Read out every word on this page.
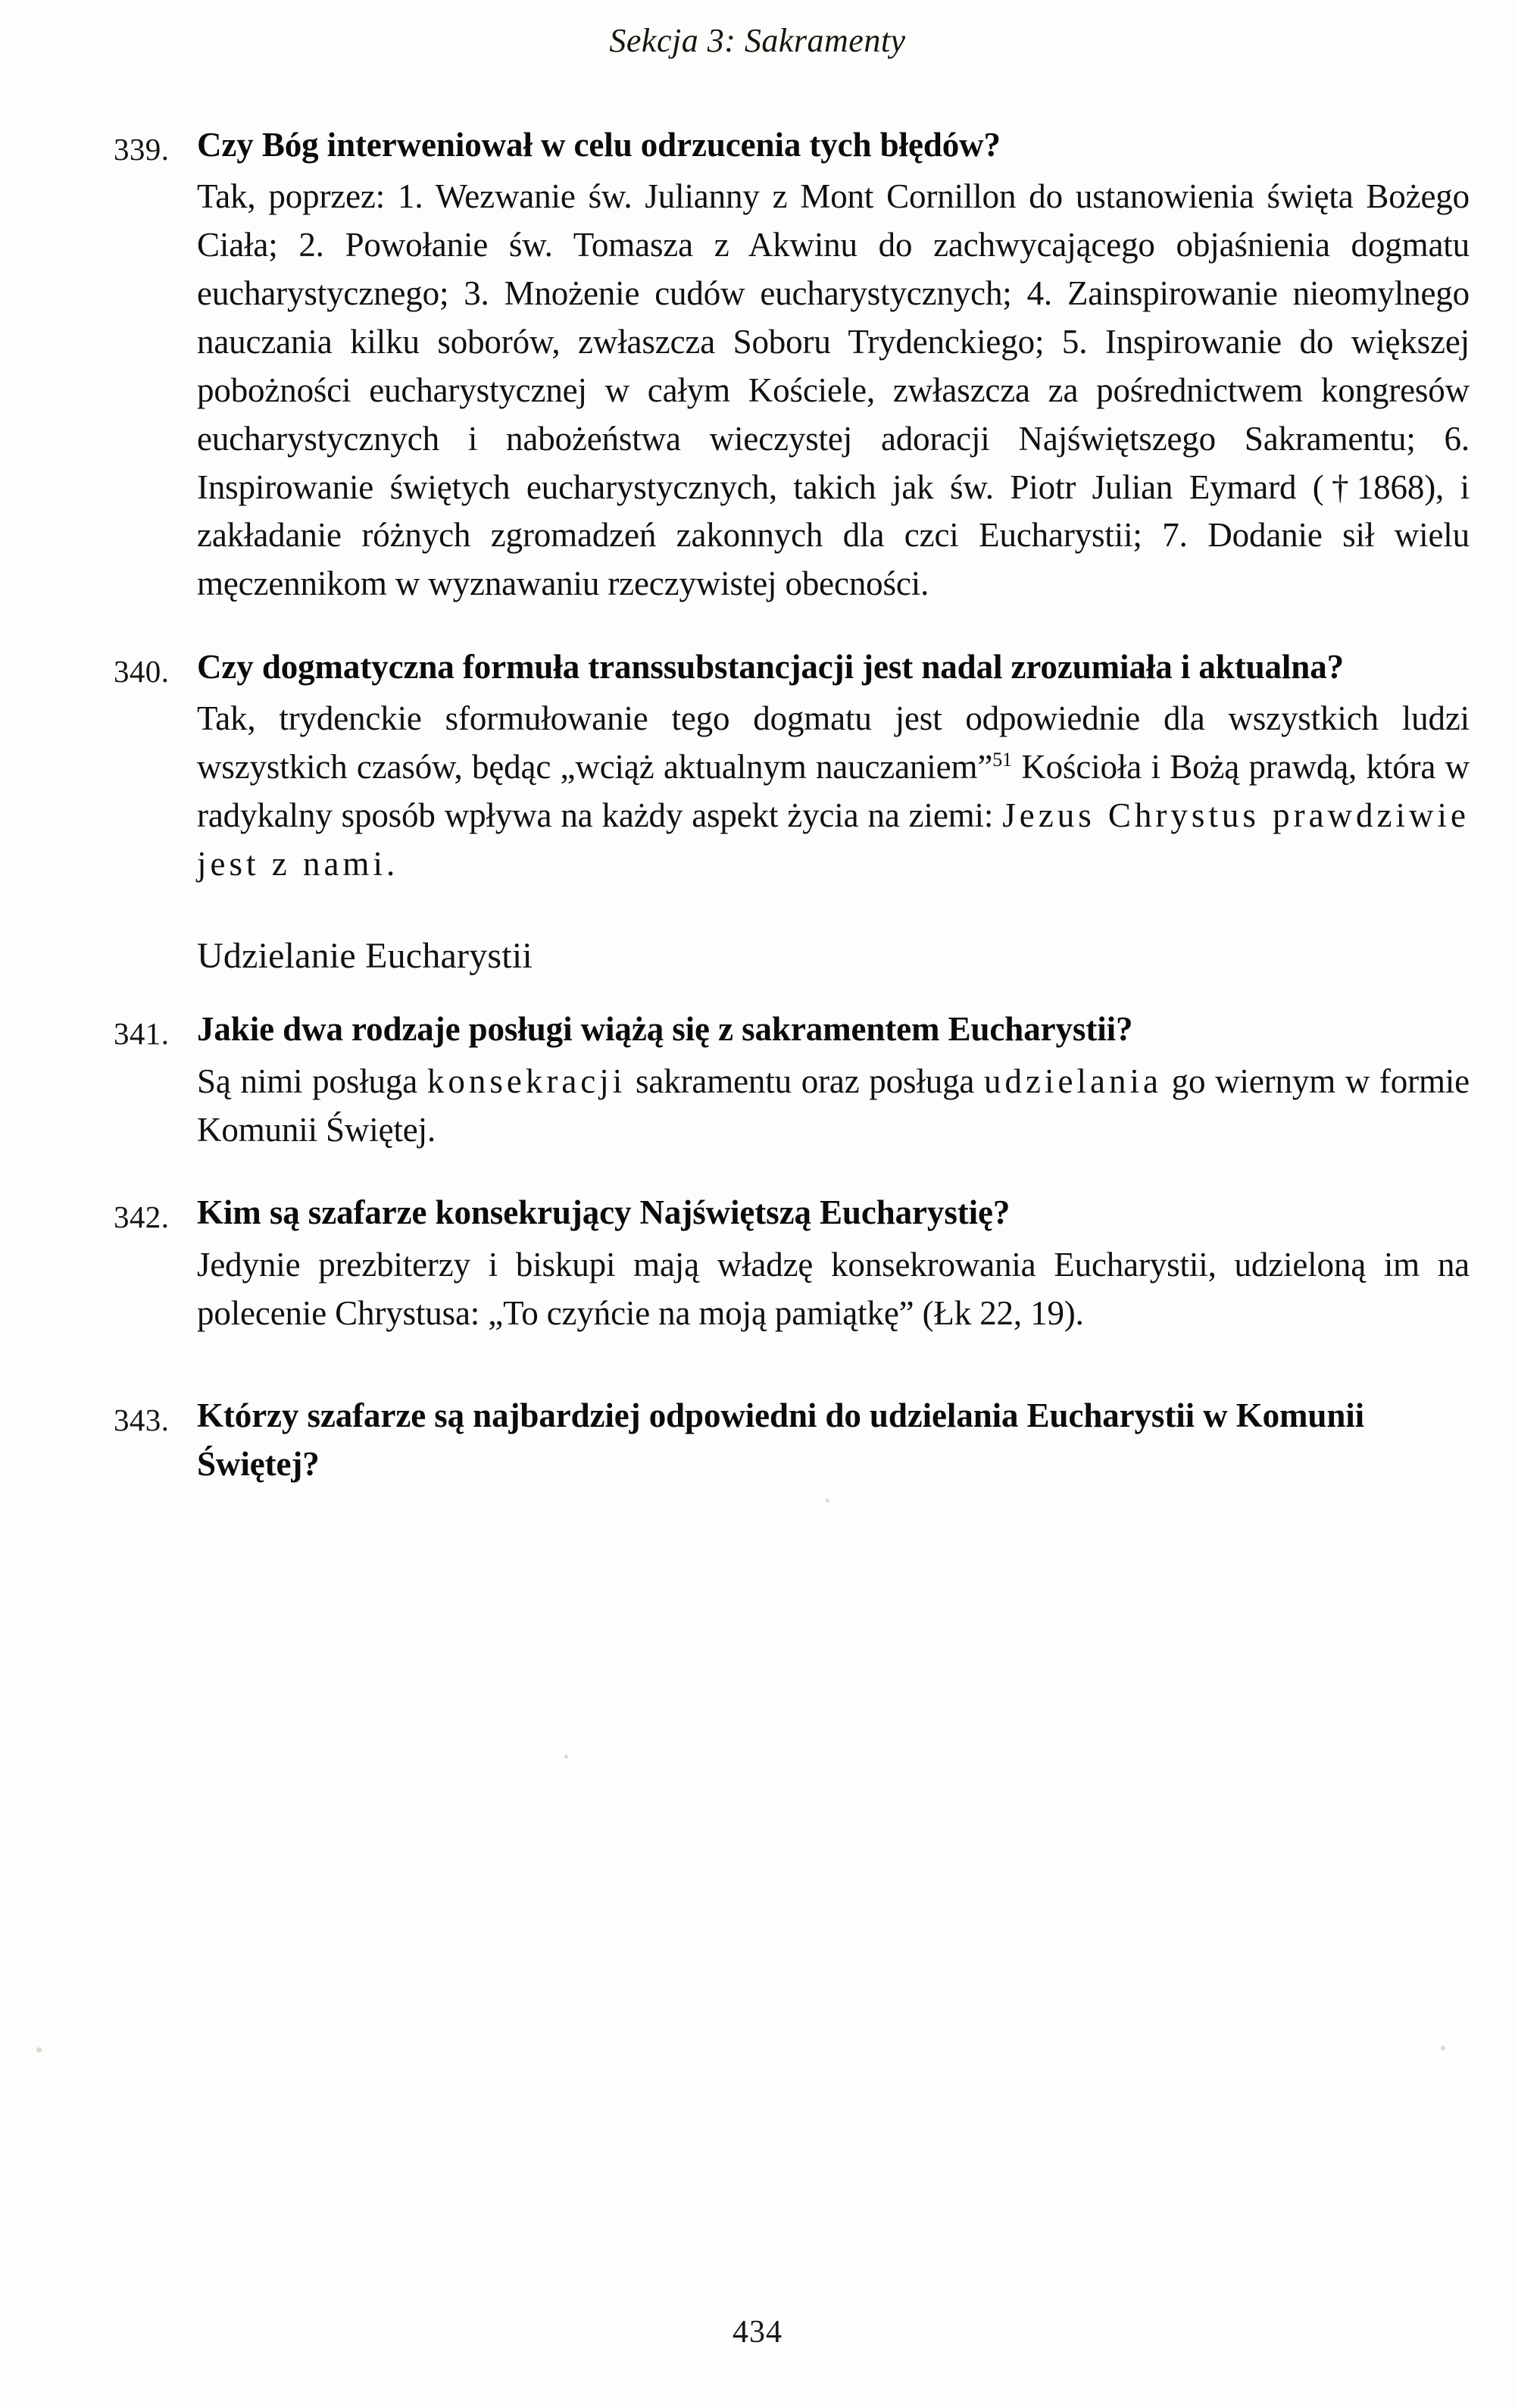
Sekcja 3: Sakramenty
339. Czy Bóg interweniował w celu odrzucenia tych błędów?
Tak, poprzez: 1. Wezwanie św. Julianny z Mont Cornillon do ustanowienia święta Bożego Ciała; 2. Powołanie św. Tomasza z Akwinu do zachwycającego objaśnienia dogmatu eucharystycznego; 3. Mnożenie cudów eucharystycznych; 4. Zainspirowanie nieomylnego nauczania kilku soborów, zwłaszcza Soboru Trydenckiego; 5. Inspirowanie do większej pobożności eucharystycznej w całym Kościele, zwłaszcza za pośrednictwem kongresów eucharystycznych i nabożeństwa wieczystej adoracji Najświętszego Sakramentu; 6. Inspirowanie świętych eucharystycznych, takich jak św. Piotr Julian Eymard (†1868), i zakładanie różnych zgromadzeń zakonnych dla czci Eucharystii; 7. Dodanie sił wielu męczennikom w wyznawaniu rzeczywistej obecności.
340. Czy dogmatyczna formuła transsubstancjacji jest nadal zrozumiała i aktualna?
Tak, trydenckie sformułowanie tego dogmatu jest odpowiednie dla wszystkich ludzi wszystkich czasów, będąc „wciąż aktualnym nauczaniem”$^{51}$ Kościoła i Bożą prawdą, która w radykalny sposób wpływa na każdy aspekt życia na ziemi: Jezus Chrystus prawdziwie jest z nami.
Udzielanie Eucharystii
341. Jakie dwa rodzaje posługi wiążą się z sakramentem Eucharystii?
Są nimi posługa konsekracji sakramentu oraz posługa udzielania go wiernym w formie Komunii Świętej.
342. Kim są szafarze konsekrujący Najświętszą Eucharystię?
Jedynie prezbiterzy i biskupi mają władzę konsekrowania Eucharystii, udzieloną im na polecenie Chrystusa: „To czyńcie na moją pamiątkę” (Łk 22, 19).
343. Którzy szafarze są najbardziej odpowiedni do udzielania Eucharystii w Komunii Świętej?
434
